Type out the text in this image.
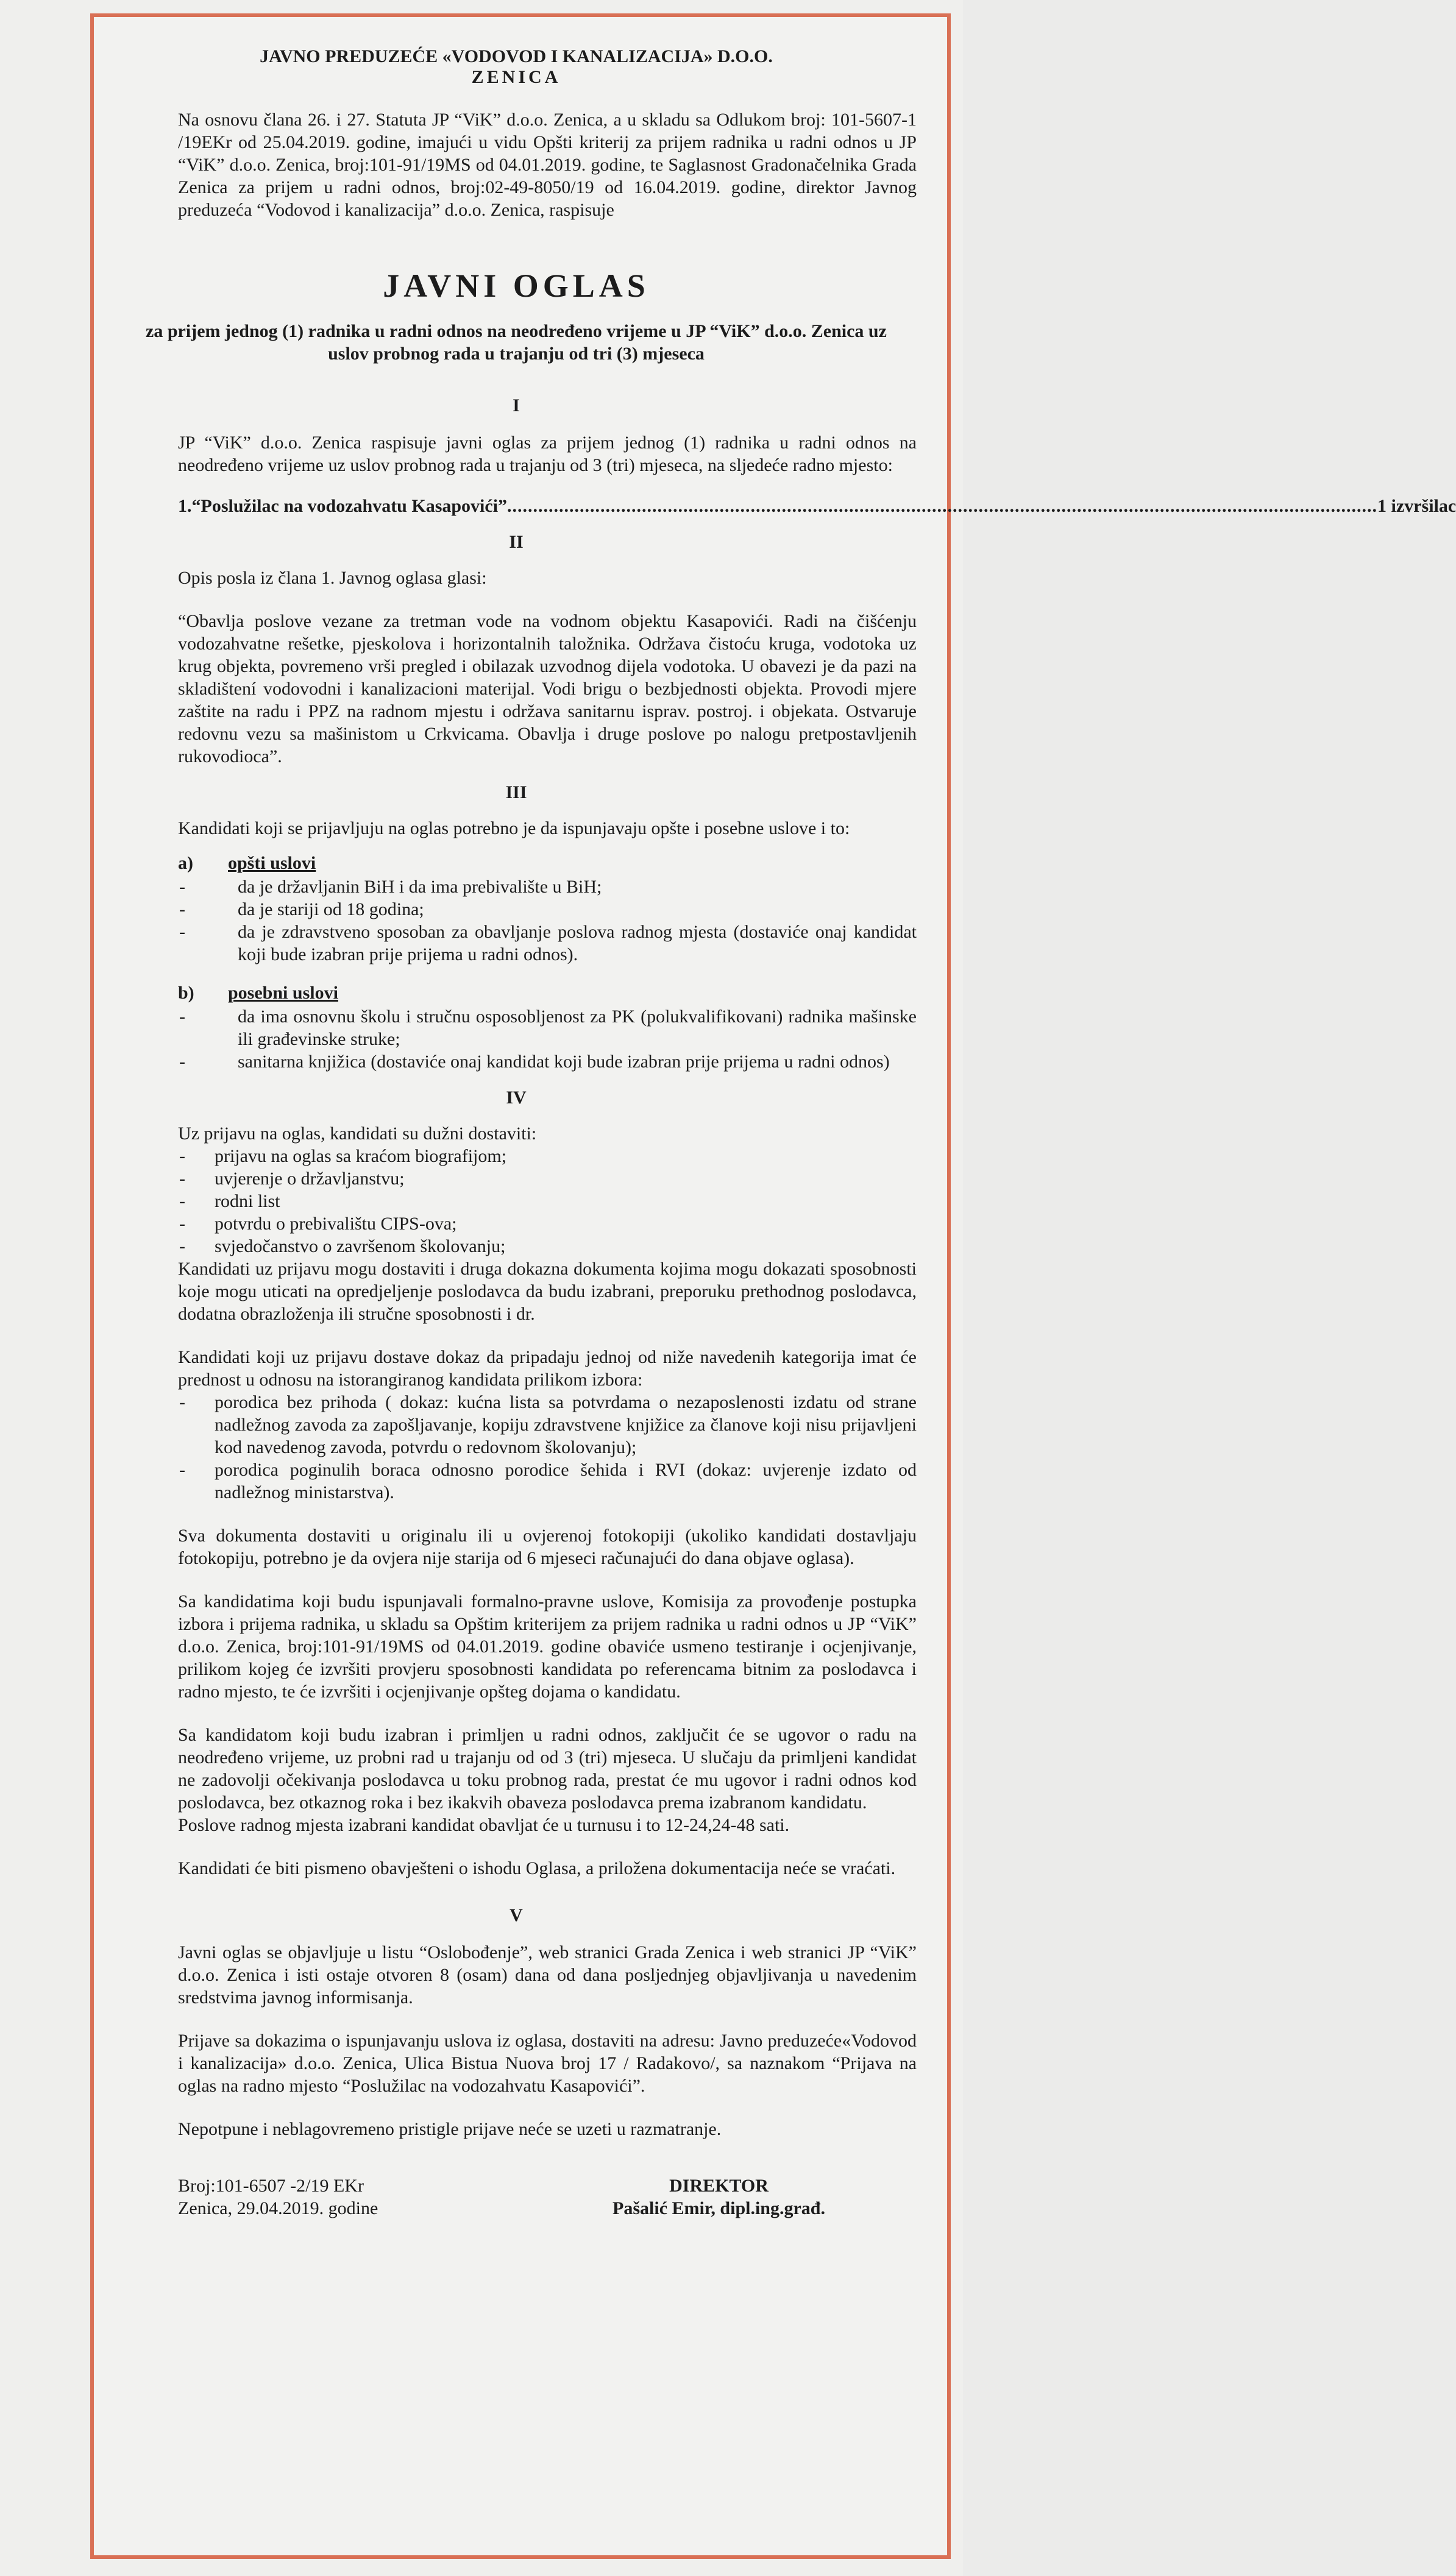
JAVNO PREDUZEĆE «VODOVOD I KANALIZACIJA» D.O.O.
ZENICA

Na osnovu člana 26. i 27. Statuta JP “ViK” d.o.o. Zenica, a u skladu sa Odlukom broj: 101-5607-1 /19EKr od 25.04.2019. godine, imajući u vidu Opšti kriterij za prijem radnika u radni odnos u JP “ViK” d.o.o. Zenica, broj:101-91/19MS od 04.01.2019. godine, te Saglasnost Gradonačelnika Grada Zenica za prijem u radni odnos, broj:02-49-8050/19 od 16.04.2019. godine, direktor Javnog preduzeća “Vodovod i kanalizacija” d.o.o. Zenica, raspisuje

JAVNI OGLAS
za prijem jednog (1) radnika u radni odnos na neodređeno vrijeme u JP “ViK” d.o.o. Zenica uz uslov probnog rada u trajanju od tri (3) mjeseca
I
JP “ViK” d.o.o. Zenica raspisuje javni oglas za prijem jednog (1) radnika u radni odnos na neodređeno vrijeme uz uslov probnog rada u trajanju od 3 (tri) mjeseca, na sljedeće radno mjesto:
1. “Poslužilac na vodozahvatu Kasapovići” ........................................................................................................................................................................ 1 izvršilac
II
Opis posla iz člana 1. Javnog oglasa glasi:
“Obavlja poslove vezane za tretman vode na vodnom objektu Kasapovići. Radi na čišćenju vodozahvatne rešetke, pjeskolova i horizontalnih taložnika. Održava čistoću kruga, vodotoka uz krug objekta, povremeno vrši pregled i obilazak uzvodnog dijela vodotoka. U obavezi je da pazi na skladištení vodovodni i kanalizacioni materijal. Vodi brigu o bezbjednosti objekta. Provodi mjere zaštite na radu i PPZ na radnom mjestu i održava sanitarnu isprav. postroj. i objekata. Ostvaruje redovnu vezu sa mašinistom u Crkvicama. Obavlja i druge poslove po nalogu pretpostavljenih rukovodioca”.
III
Kandidati koji se prijavljuju na oglas potrebno je da ispunjavaju opšte i posebne uslove i to:
a)	opšti uslovi
- da je državljanin BiH i da ima prebivalište u BiH;
- da je stariji od 18 godina;
- da je zdravstveno sposoban za obavljanje poslova radnog mjesta (dostaviće onaj kandidat koji bude izabran prije prijema u radni odnos).
b)	posebni uslovi
- da ima osnovnu školu i stručnu osposobljenost za PK (polukvalifikovani) radnika mašinske ili građevinske struke;
- sanitarna knjižica (dostaviće onaj kandidat koji bude izabran prije prijema u radni odnos)
IV
Uz prijavu na oglas, kandidati su dužni dostaviti:
- prijavu na oglas sa kraćom biografijom;
- uvjerenje o državljanstvu;
- rodni list
- potvrdu o prebivalištu CIPS-ova;
- svjedočanstvo o završenom školovanju;
Kandidati uz prijavu mogu dostaviti i druga dokazna dokumenta kojima mogu dokazati sposobnosti koje mogu uticati na opredjeljenje poslodavca da budu izabrani, preporuku prethodnog poslodavca, dodatna obrazloženja ili stručne sposobnosti i dr.
Kandidati koji uz prijavu dostave dokaz da pripadaju jednoj od niže navedenih kategorija imat će prednost u odnosu na istorangiranog kandidata prilikom izbora:
- porodica bez prihoda ( dokaz: kućna lista sa potvrdama o nezaposlenosti izdatu od strane nadležnog zavoda za zapošljavanje, kopiju zdravstvene knjižice za članove koji nisu prijavljeni kod navedenog zavoda, potvrdu o redovnom školovanju);
- porodica poginulih boraca odnosno porodice šehida i RVI (dokaz: uvjerenje izdato od nadležnog ministarstva).
Sva dokumenta dostaviti u originalu ili u ovjerenoj fotokopiji (ukoliko kandidati dostavljaju fotokopiju, potrebno je da ovjera nije starija od 6 mjeseci računajući do dana objave oglasa).
Sa kandidatima koji budu ispunjavali formalno-pravne uslove, Komisija za provođenje postupka izbora i prijema radnika, u skladu sa Opštim kriterijem za prijem radnika u radni odnos u JP “ViK” d.o.o. Zenica, broj:101-91/19MS od 04.01.2019. godine obaviće usmeno testiranje i ocjenjivanje, prilikom kojeg će izvršiti provjeru sposobnosti kandidata po referencama bitnim za poslodavca i radno mjesto, te će izvršiti i ocjenjivanje opšteg dojama o kandidatu.
Sa kandidatom koji budu izabran i primljen u radni odnos, zaključit će se ugovor o radu na neodređeno vrijeme, uz probni rad u trajanju od od 3 (tri) mjeseca. U slučaju da primljeni kandidat ne zadovolji očekivanja poslodavca u toku probnog rada, prestat će mu ugovor i radni odnos kod poslodavca, bez otkaznog roka i bez ikakvih obaveza poslodavca prema izabranom kandidatu.
Poslove radnog mjesta izabrani kandidat obavljat će u turnusu i to 12-24,24-48 sati.
Kandidati će biti pismeno obavješteni o ishodu Oglasa, a priložena dokumentacija neće se vraćati.
V
Javni oglas se objavljuje u listu “Oslobođenje”, web stranici Grada Zenica i web stranici JP “ViK” d.o.o. Zenica i isti ostaje otvoren 8 (osam) dana od dana posljednjeg objavljivanja u navedenim sredstvima javnog informisanja.
Prijave sa dokazima o ispunjavanju uslova iz oglasa, dostaviti na adresu: Javno preduzeće«Vodovod i kanalizacija» d.o.o. Zenica, Ulica Bistua Nuova broj 17 / Radakovo/, sa naznakom “Prijava na oglas na radno mjesto “Poslužilac na vodozahvatu Kasapovići”.
Nepotpune i neblagovremeno pristigle prijave neće se uzeti u razmatranje.
Broj:101-6507 -2/19 EKr
Zenica, 29.04.2019. godine
DIREKTOR
Pašalić Emir, dipl.ing.građ.
